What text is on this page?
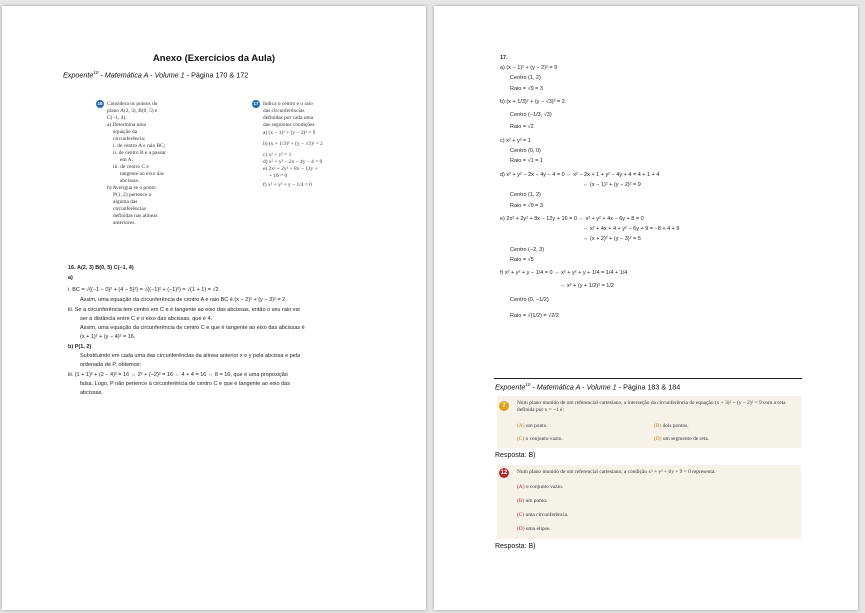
Anexo (Exercícios da Aula)
Expoente$^{10}$ - Matemática A - Volume 1 - Página 170 & 172
16 Considera os pontos do
plano A(2, 3), B(0, 5) e
C(−1, 4).
a) Determina uma
equação da
circunferência:
i. de centro A e raio BC;
ii. de centro B e a passar
em A;
iii. de centro C e
tangente ao eixo das
abcissas.
b) Averigua se o ponto
P(1, 2) pertence a
alguma das
circunferências
definidas nas alíneas
anteriores.
17 Indica o centro e o raio
das circunferências
definidas por cada uma
das seguintes condições.
a) (x − 1)² + (y − 2)² = 9
b) (x + 1/3)² + (y − √3)² = 2
c) x² + y² = 1
d) x² + y² − 2x − 4y − 4 = 0
e) 2x² + 2y² + 8x − 12y +
+ 16 = 0
f) x² + y² + y − 1/4 = 0
16. A(2, 3) B(0, 5) C(−1, 4)
a)
i. BC = √((−1 − 0)² + (4 − 5)²) = √((−1)² + (−1)²) = √(1 + 1) = √2
Assim, uma equação da circunferência de centro A e raio BC é (x − 2)² + (y − 3)² = 2.
iii. Se a circunferência tem centro em C e é tangente ao eixo das abcissas, então o seu raio vai
ser a distância entre C e o eixo das abcissas, que é 4.
Assim, uma equação da circunferência de centro C e que é tangente ao eixo das abcissas é
(x + 1)² + (y − 4)² = 16.
b) P(1, 2)
Substituindo em cada uma das circunferências da alínea anterior x e y pela abcissa e pela
ordenada de P, obtemos:
iii. (1 + 1)² + (2 − 4)² = 16 ⇔ 2² + (−2)² = 16 ⇔ 4 + 4 = 16 ⇔ 8 = 16, que é uma proposição
falsa. Logo, P não pertence à circunferência de centro C e que é tangente ao eixo das
abcissas.
17.
a) (x − 1)² + (y − 2)² = 9
Centro (1, 2)
Raio = √9 = 3
b) (x + 1/3)² + (y − √3)² = 2
Centro (−1/3, √3)
Raio = √2
c) x² + y² = 1
Centro (0, 0)
Raio = √1 = 1
d) x² + y² − 2x − 4y − 4 = 0 ⇔ x² − 2x + 1 + y² − 4y + 4 = 4 + 1 + 4
⇔ (x − 1)² + (y − 2)² = 9
Centro (1, 2)
Raio = √9 = 3
e) 2x² + 2y² + 8x − 12y + 16 = 0 ⇔ x² + y² + 4x − 6y + 8 = 0
⇔ x² + 4x + 4 + y² − 6y + 9 = −8 + 4 + 9
⇔ (x + 2)² + (y − 3)² = 5
Centro (−2, 3)
Raio = √5
f) x² + y² + y − 1/4 = 0 ⇔ x² + y² + y + 1/4 = 1/4 + 1/4
⇔ x² + (y + 1/2)² = 1/2
Centro (0, −1/2)
Raio = √(1/2) = √2/2
Expoente$^{10}$ - Matemática A - Volume 1 - Página 183 & 184
7	Num plano munido de um referencial cartesiano, a interseção da circunferência de equação (x + 3)² + (y − 2)² = 9 com a reta definida por x = −1 é:
(A) um ponto.	(B) dois pontos.
(C) o conjunto vazio.	(D) um segmento de reta.
Resposta: B)
12	Num plano munido de um referencial cartesiano, a condição x² + y² + 6y + 9 = 0 representa:
(A) o conjunto vazio.
(B) um ponto.
(C) uma circunferência.
(D) uma elipse.
Resposta: B)
